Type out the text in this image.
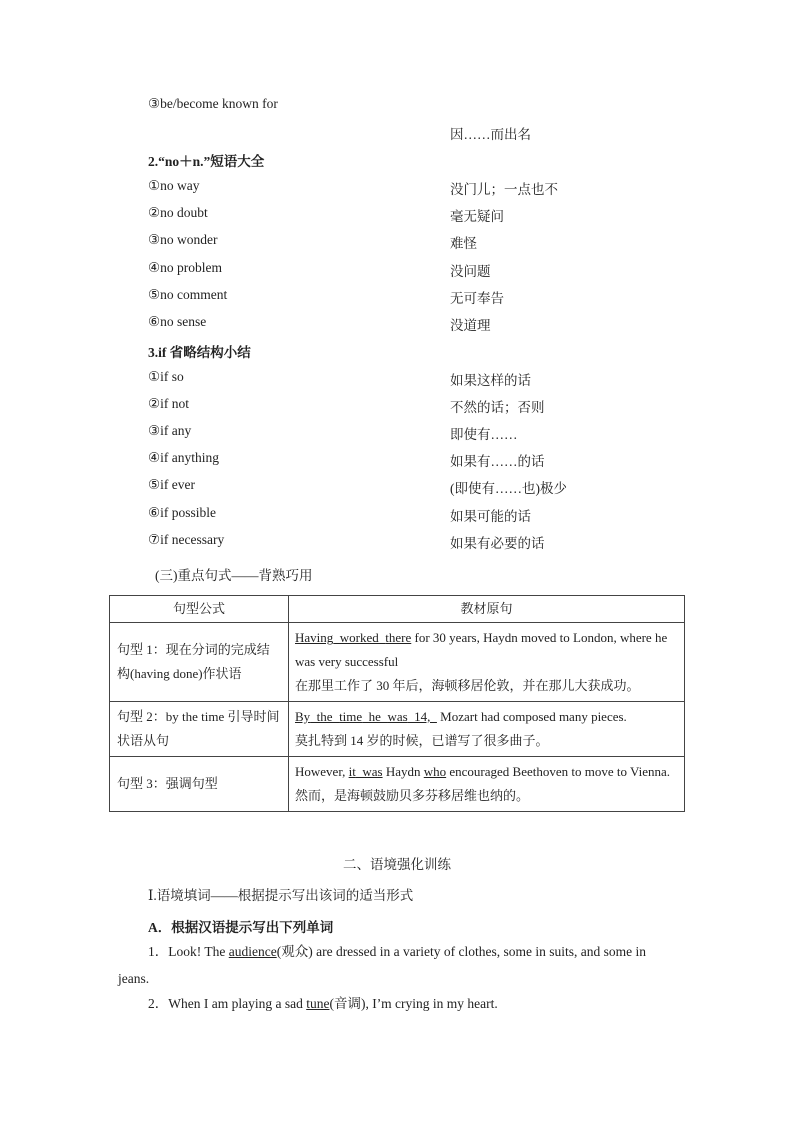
③be/become known for
因……而出名
2.“no＋n.”短语大全
①no way	没门儿；一点也不
②no doubt	毫无疑问
③no wonder	难怪
④no problem	没问题
⑤no comment	无可奉告
⑥no sense	没道理
3.if 省略结构小结
①if so	如果这样的话
②if not	不然的话；否则
③if any	即使有……
④if anything	如果有……的话
⑤if ever	(即使有……也)极少
⑥if possible	如果可能的话
⑦if necessary	如果有必要的话
(三)重点句式——背熟巧用
句型公式	教材原句
句型 1：现在分词的完成结构(having done)作状语	Having  worked  there for 30 years, Haydn moved to London, where he was very successful
在那里工作了 30 年后，海顿移居伦敦，并在那儿大获成功。

句型 2：by the time 引导时间状语从句	By  the  time  he  was  14,   Mozart had composed many pieces.
莫扎特到 14 岁的时候，已谱写了很多曲子。

句型 3：强调句型	However, it  was Haydn who encouraged Beethoven to move to Vienna.
然而，是海顿鼓励贝多芬移居维也纳的。
二、语境强化训练
Ⅰ.语境填词——根据提示写出该词的适当形式
A．根据汉语提示写出下列单词
1．Look! The audience(观众) are dressed in a variety of clothes, some in suits, and some in jeans.
2．When I am playing a sad tune(音调), I’m crying in my heart.
